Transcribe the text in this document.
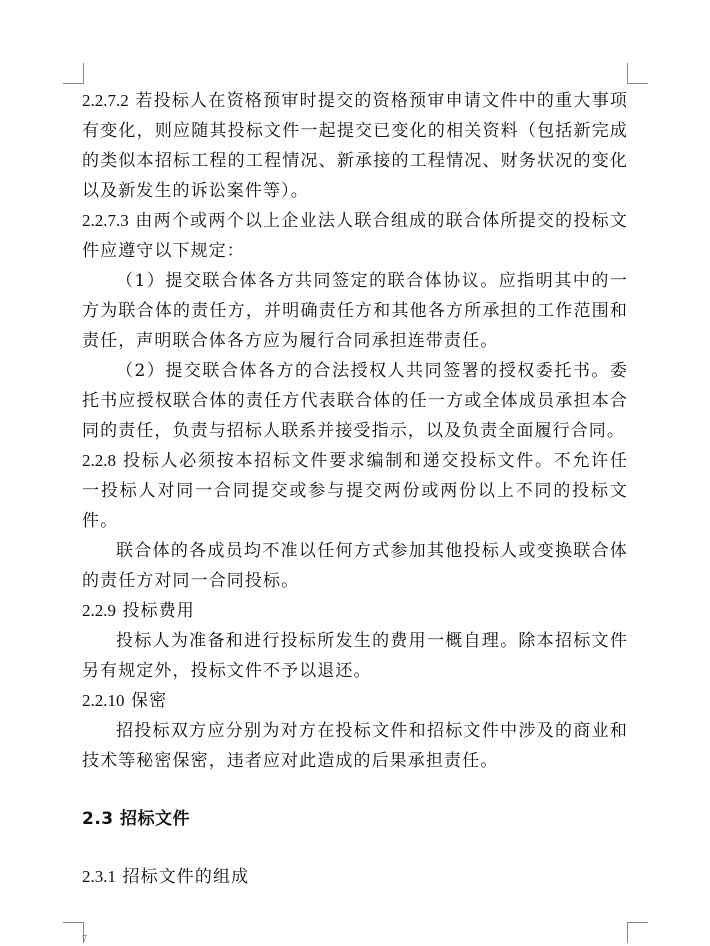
2.2.7.2 若投标人在资格预审时提交的资格预审申请文件中的重大事项有变化，则应随其投标文件一起提交已变化的相关资料（包括新完成的类似本招标工程的工程情况、新承接的工程情况、财务状况的变化以及新发生的诉讼案件等）。

2.2.7.3 由两个或两个以上企业法人联合组成的联合体所提交的投标文件应遵守以下规定：

（1）提交联合体各方共同签定的联合体协议。应指明其中的一方为联合体的责任方，并明确责任方和其他各方所承担的工作范围和责任，声明联合体各方应为履行合同承担连带责任。

（2）提交联合体各方的合法授权人共同签署的授权委托书。委托书应授权联合体的责任方代表联合体的任一方或全体成员承担本合同的责任，负责与招标人联系并接受指示，以及负责全面履行合同。

2.2.8 投标人必须按本招标文件要求编制和递交投标文件。不允许任一投标人对同一合同提交或参与提交两份或两份以上不同的投标文件。

联合体的各成员均不准以任何方式参加其他投标人或变换联合体的责任方对同一合同投标。

2.2.9 投标费用

投标人为准备和进行投标所发生的费用一概自理。除本招标文件另有规定外，投标文件不予以退还。

2.2.10 保密

招投标双方应分别为对方在投标文件和招标文件中涉及的商业和技术等秘密保密，违者应对此造成的后果承担责任。

2.3 招标文件

2.3.1 招标文件的组成

7
